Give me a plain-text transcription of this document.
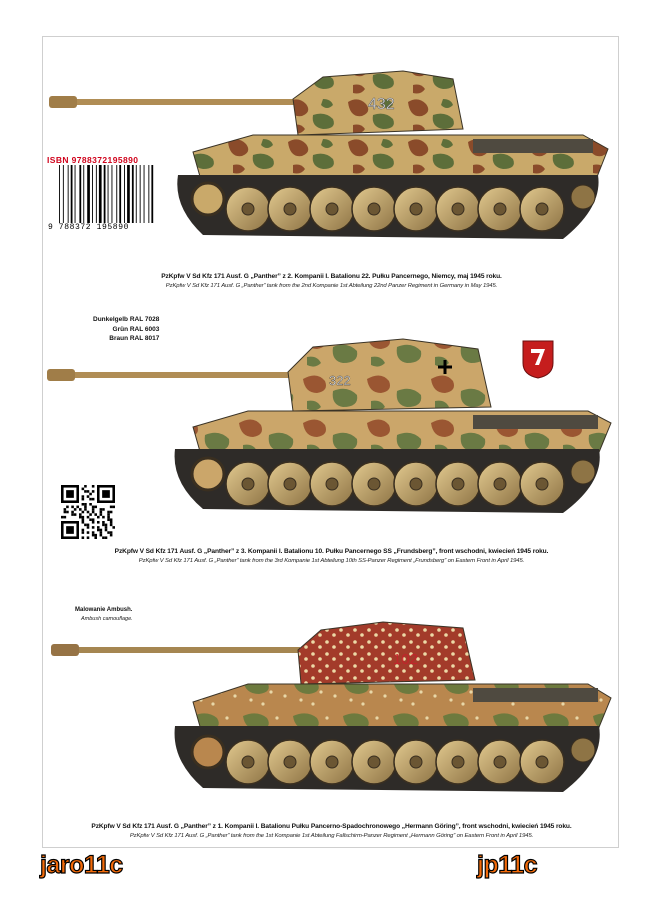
ISBN 9788372195890
9 788372 195890
432
PzKpfw V Sd Kfz 171 Ausf. G „Panther” z 2. Kompanii I. Batalionu 22. Pułku Pancernego, Niemcy, maj 1945 roku.
PzKpfw V Sd Kfz 171 Ausf. G „Panther” tank from the 2nd Kompanie 1st Abteilung 22nd Panzer Regiment in Germany in May 1945.
Dunkelgelb RAL 7028
Grün RAL 6003
Braun RAL 8017
322
PzKpfw V Sd Kfz 171 Ausf. G „Panther” z 3. Kompanii I. Batalionu 10. Pułku Pancernego SS „Frundsberg”, front wschodni, kwiecień 1945 roku.
PzKpfw V Sd Kfz 171 Ausf. G „Panther” tank from the 3rd Kompanie 1st Abteilung 10th SS-Panzer Regiment „Frundsberg” on Eastern Front in April 1945.
Malowanie Ambush.
Ambush camouflage.
102
PzKpfw V Sd Kfz 171 Ausf. G „Panther” z 1. Kompanii I. Batalionu Pułku Pancerno-Spadochronowego „Hermann Göring”, front wschodni, kwiecień 1945 roku.
PzKpfw V Sd Kfz 171 Ausf. G „Panther” tank from the 1st Kompanie 1st Abteilung Fallschirm-Panzer Regiment „Hermann Göring” on Eastern Front in April 1945.
jaro11c	jp11c
